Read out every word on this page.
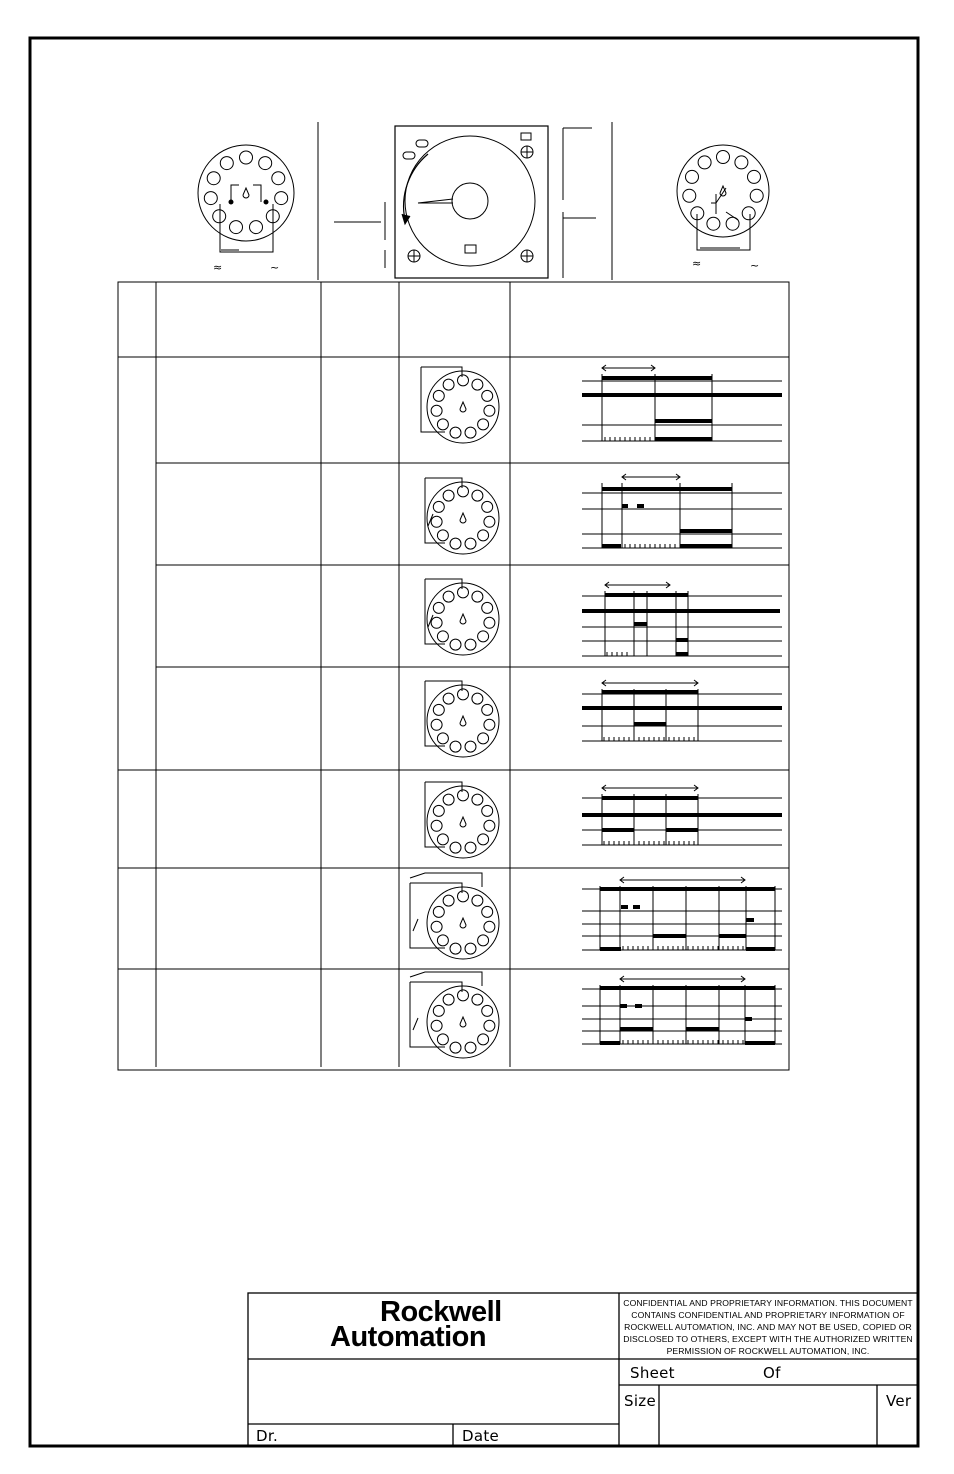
≈	~	≈	~
Rockwell
Automation
CONFIDENTIAL AND PROPRIETARY INFORMATION. THIS DOCUMENT CONTAINS CONFIDENTIAL AND PROPRIETARY INFORMATION OF ROCKWELL AUTOMATION, INC. AND MAY NOT BE USED, COPIED OR DISCLOSED TO OTHERS, EXCEPT WITH THE AUTHORIZED WRITTEN PERMISSION OF ROCKWELL AUTOMATION, INC.
Sheet	Of
Size	Ver
Dr.	Date
